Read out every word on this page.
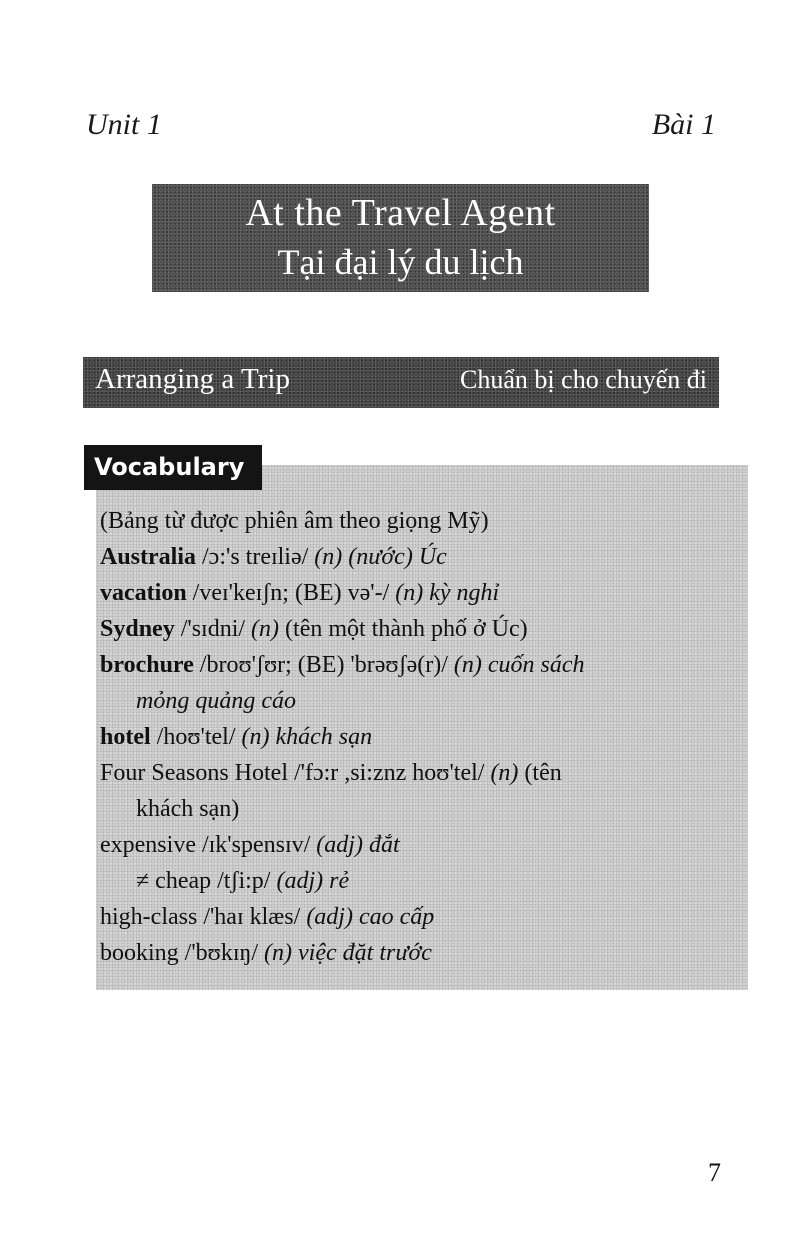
Unit 1	Bài 1
At the Travel Agent
Tại đại lý du lịch
Arranging a Trip	Chuẩn bị cho chuyến đi
Vocabulary
(Bảng từ được phiên âm theo giọng Mỹ)
Australia /ɔ:'s treɪliə/ (n) (nước) Úc
vacation /veɪ'keɪʃn; (BE) və'-/ (n) kỳ nghỉ
Sydney /'sɪdni/ (n) (tên một thành phố ở Úc)
brochure /broʊ'ʃʊr; (BE) 'brəʊʃə(r)/ (n) cuốn sách
mỏng quảng cáo
hotel /hoʊ'tel/ (n) khách sạn
Four Seasons Hotel /'fɔ:r ,si:znz hoʊ'tel/ (n) (tên
khách sạn)
expensive /ɪk'spensɪv/ (adj) đắt
≠ cheap /tʃi:p/ (adj) rẻ
high-class /'haɪ klæs/ (adj) cao cấp
booking /'bʊkɪŋ/ (n) việc đặt trước
7
